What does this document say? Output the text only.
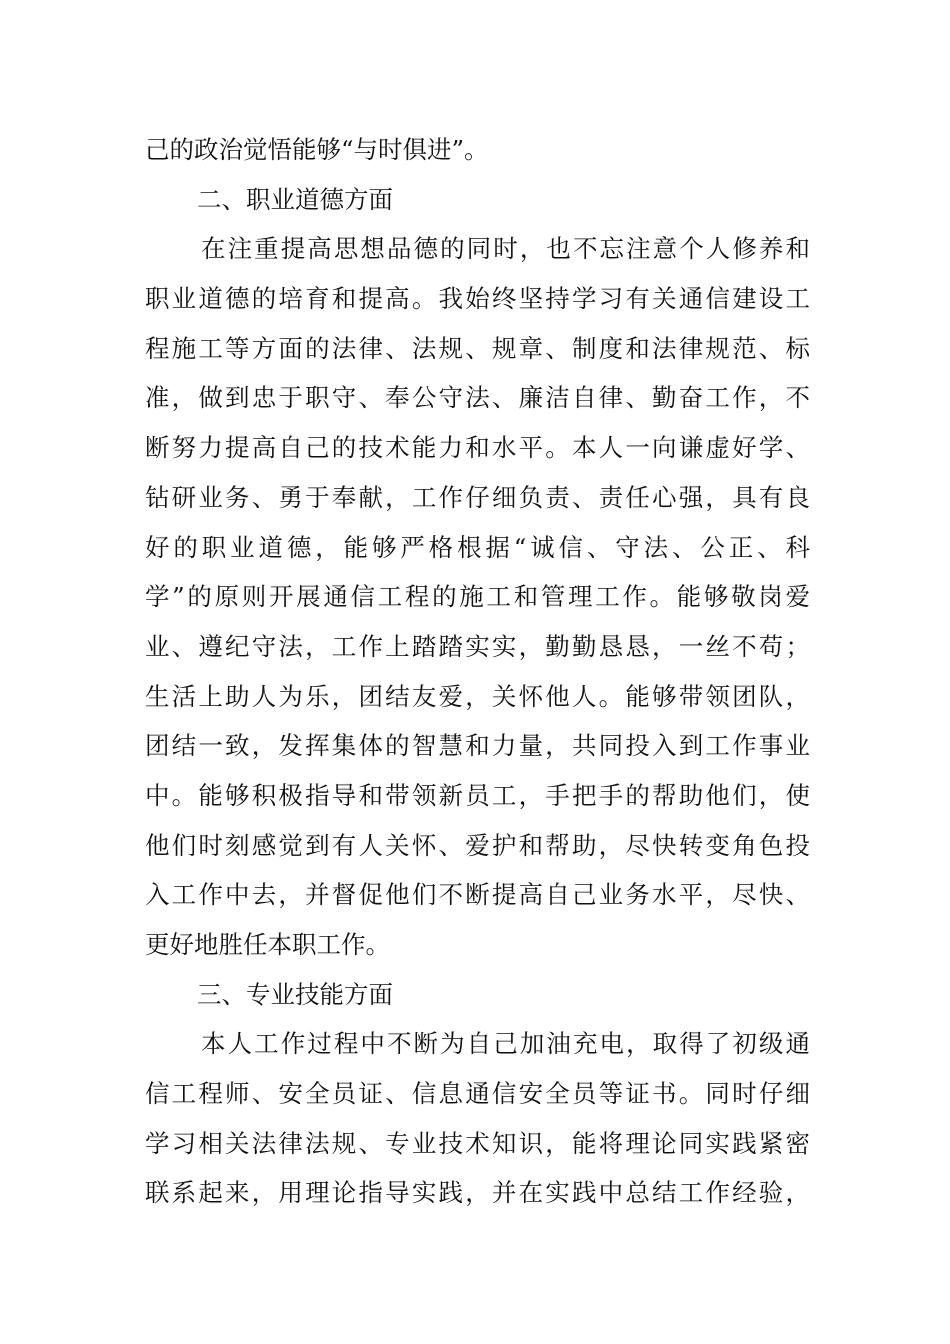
己的政治觉悟能够“与时俱进”。
二、职业道德方面
在注重提高思想品德的同时，也不忘注意个人修养和
职业道德的培育和提高。我始终坚持学习有关通信建设工
程施工等方面的法律、法规、规章、制度和法律规范、标
准，做到忠于职守、奉公守法、廉洁自律、勤奋工作，不
断努力提高自己的技术能力和水平。本人一向谦虚好学、
钻研业务、勇于奉献，工作仔细负责、责任心强，具有良
好的职业道德，能够严格根据“诚信、守法、公正、科
学”的原则开展通信工程的施工和管理工作。能够敬岗爱
业、遵纪守法，工作上踏踏实实，勤勤恳恳，一丝不苟；
生活上助人为乐，团结友爱，关怀他人。能够带领团队，
团结一致，发挥集体的智慧和力量，共同投入到工作事业
中。能够积极指导和带领新员工，手把手的帮助他们，使
他们时刻感觉到有人关怀、爱护和帮助，尽快转变角色投
入工作中去，并督促他们不断提高自己业务水平，尽快、
更好地胜任本职工作。
三、专业技能方面
本人工作过程中不断为自己加油充电，取得了初级通
信工程师、安全员证、信息通信安全员等证书。同时仔细
学习相关法律法规、专业技术知识，能将理论同实践紧密
联系起来，用理论指导实践，并在实践中总结工作经验，
